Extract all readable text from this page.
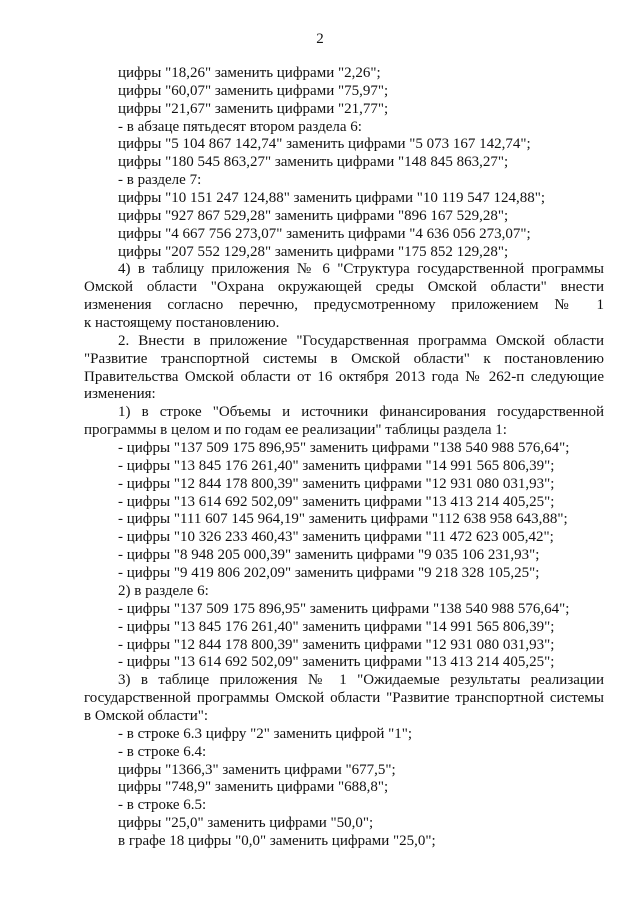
2
цифры "18,26" заменить цифрами "2,26";
цифры "60,07" заменить цифрами "75,97";
цифры "21,67" заменить цифрами "21,77";
- в абзаце пятьдесят втором раздела 6:
цифры "5 104 867 142,74" заменить цифрами "5 073 167 142,74";
цифры "180 545 863,27" заменить цифрами "148 845 863,27";
- в разделе 7:
цифры "10 151 247 124,88" заменить цифрами "10 119 547 124,88";
цифры "927 867 529,28" заменить цифрами "896 167 529,28";
цифры "4 667 756 273,07" заменить цифрами "4 636 056 273,07";
цифры "207 552 129,28" заменить цифрами "175 852 129,28";
4) в таблицу приложения № 6 "Структура государственной программы
Омской области "Охрана окружающей среды Омской области" внести
изменения согласно перечню, предусмотренному приложением № 1
к настоящему постановлению.
2. Внести в приложение "Государственная программа Омской области
"Развитие транспортной системы в Омской области" к постановлению
Правительства Омской области от 16 октября 2013 года № 262-п следующие
изменения:
1) в строке "Объемы и источники финансирования государственной
программы в целом и по годам ее реализации" таблицы раздела 1:
- цифры "137 509 175 896,95" заменить цифрами "138 540 988 576,64";
- цифры "13 845 176 261,40" заменить цифрами "14 991 565 806,39";
- цифры "12 844 178 800,39" заменить цифрами "12 931 080 031,93";
- цифры "13 614 692 502,09" заменить цифрами "13 413 214 405,25";
- цифры "111 607 145 964,19" заменить цифрами "112 638 958 643,88";
- цифры "10 326 233 460,43" заменить цифрами "11 472 623 005,42";
- цифры "8 948 205 000,39" заменить цифрами "9 035 106 231,93";
- цифры "9 419 806 202,09" заменить цифрами "9 218 328 105,25";
2) в разделе 6:
- цифры "137 509 175 896,95" заменить цифрами "138 540 988 576,64";
- цифры "13 845 176 261,40" заменить цифрами "14 991 565 806,39";
- цифры "12 844 178 800,39" заменить цифрами "12 931 080 031,93";
- цифры "13 614 692 502,09" заменить цифрами "13 413 214 405,25";
3) в таблице приложения № 1 "Ожидаемые результаты реализации
государственной программы Омской области "Развитие транспортной системы
в Омской области":
- в строке 6.3 цифру "2" заменить цифрой "1";
- в строке 6.4:
цифры "1366,3" заменить цифрами "677,5";
цифры "748,9" заменить цифрами "688,8";
- в строке 6.5:
цифры "25,0" заменить цифрами "50,0";
в графе 18 цифры "0,0" заменить цифрами "25,0";
